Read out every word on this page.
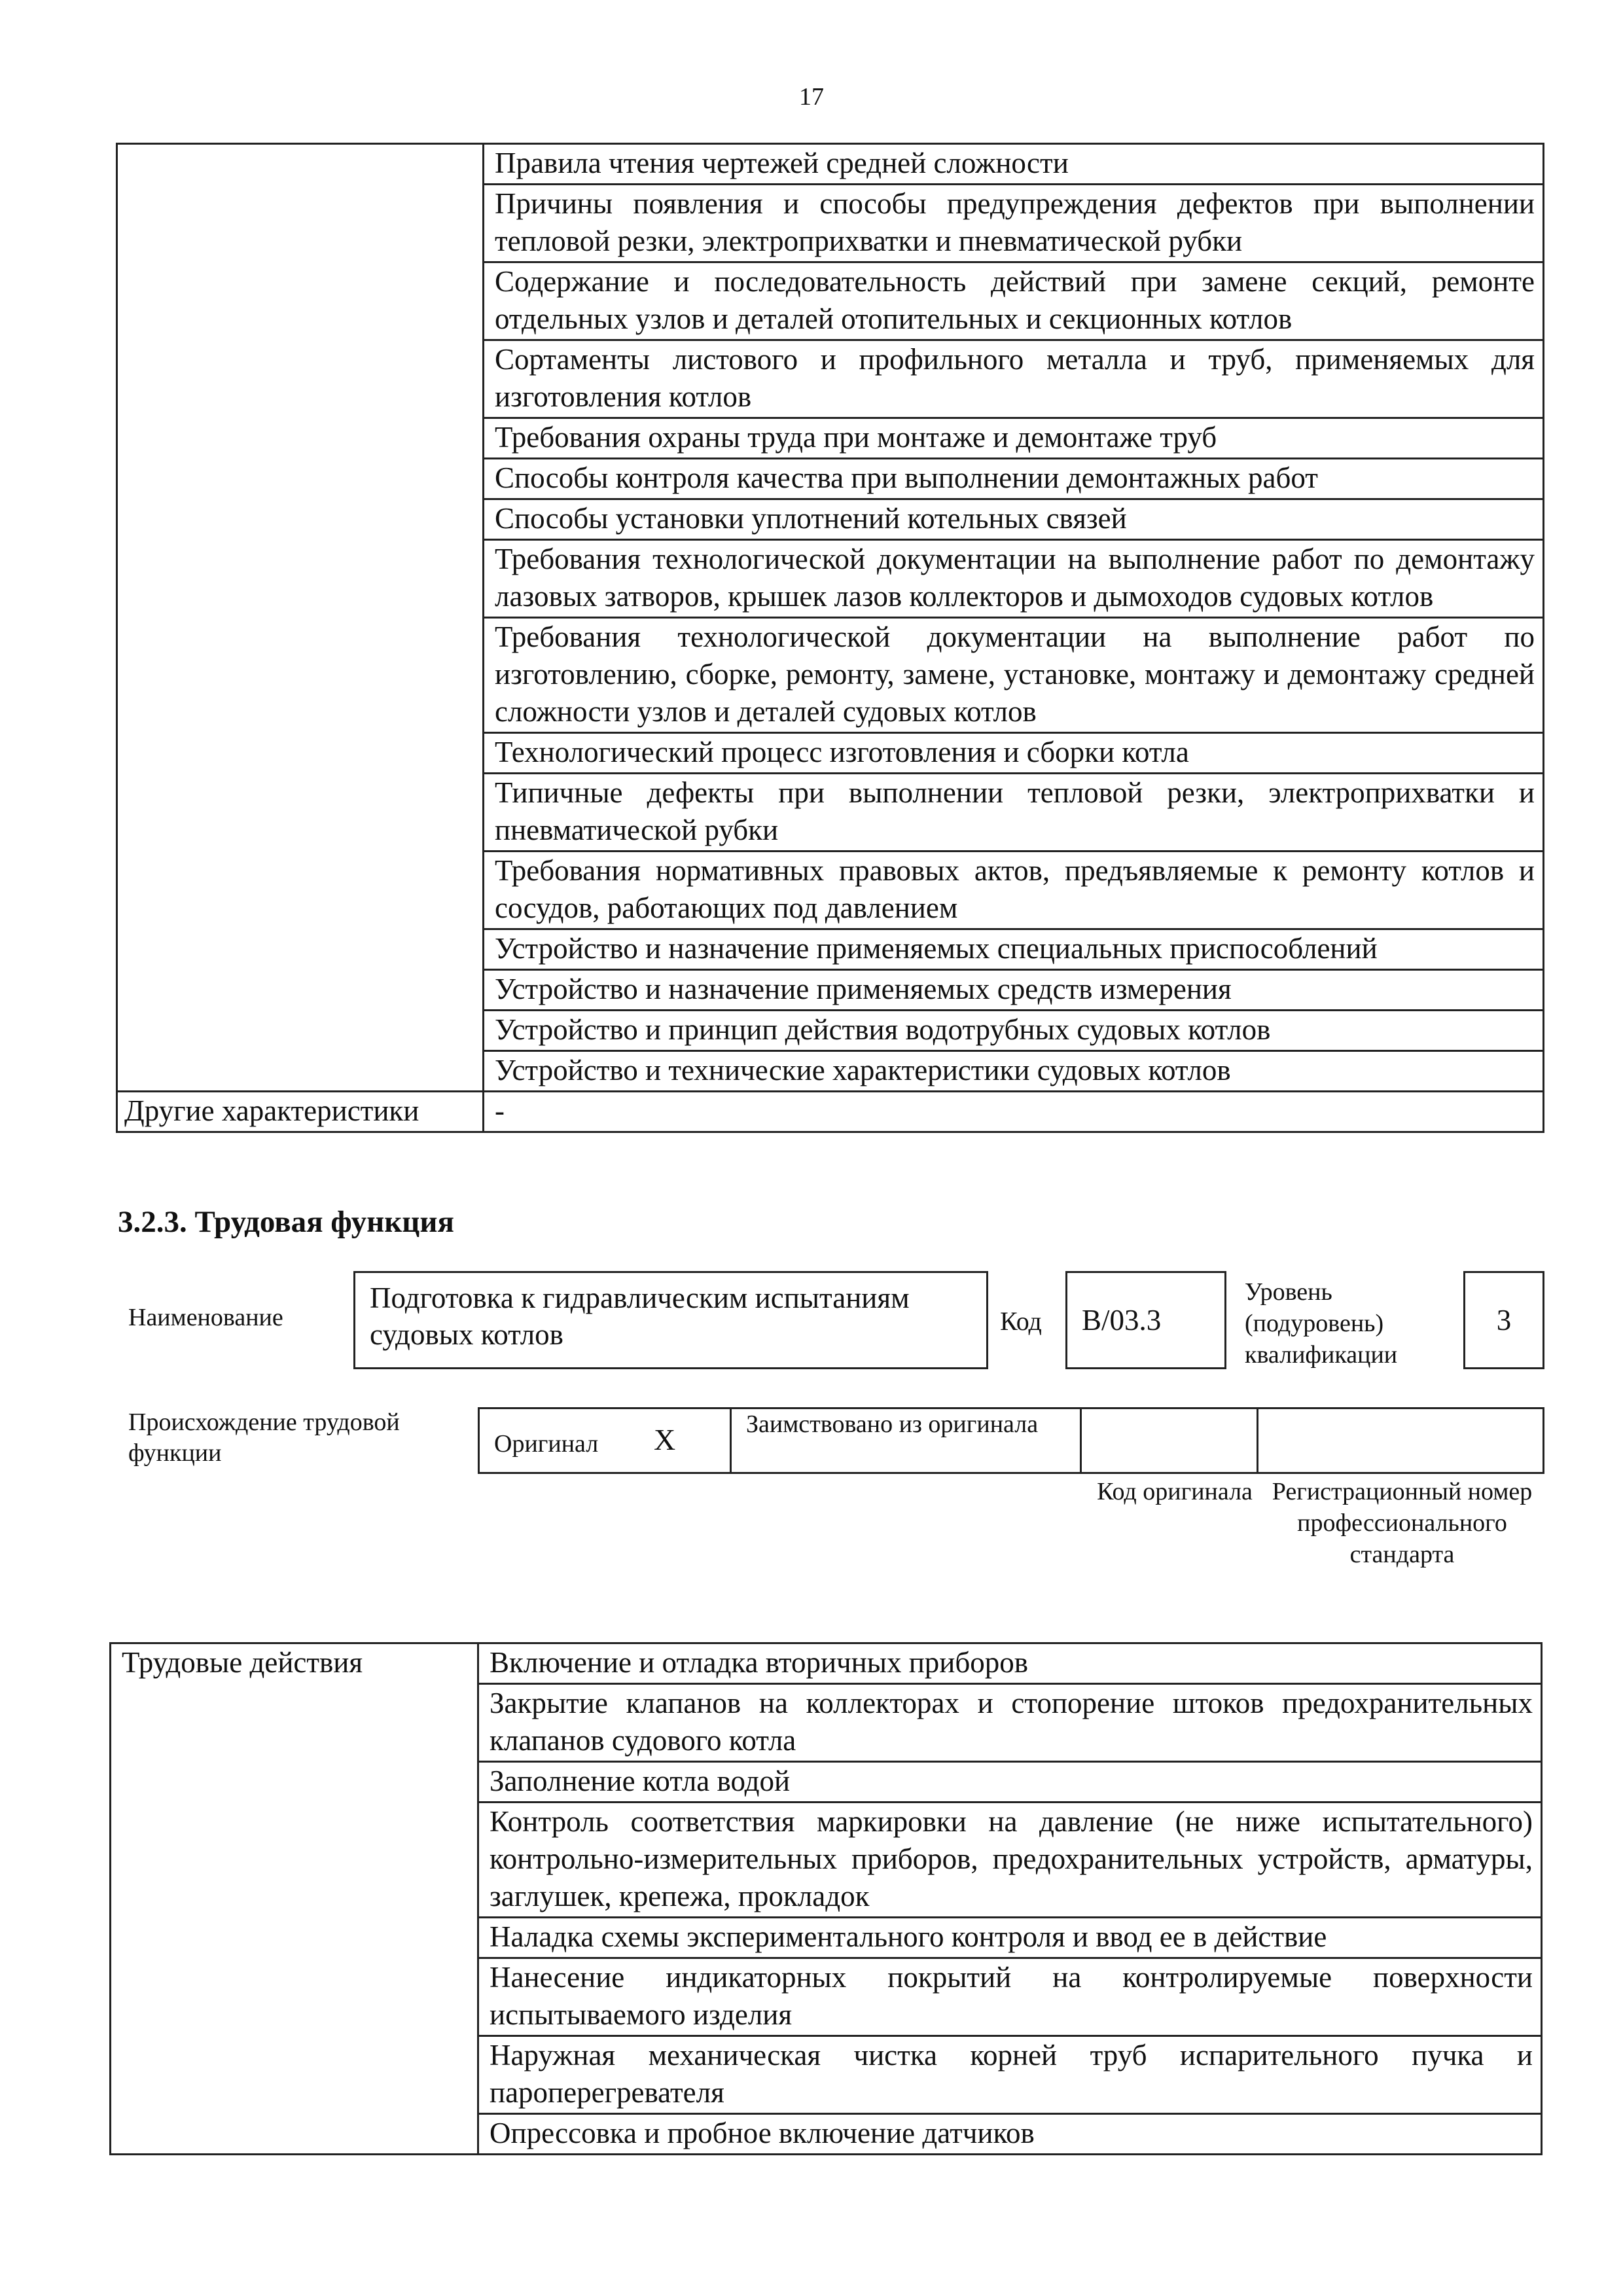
17
	Правила чтения чертежей средней сложности
	Причины появления и способы предупреждения дефектов при выполнении тепловой резки, электроприхватки и пневматической рубки
	Содержание и последовательность действий при замене секций, ремонте отдельных узлов и деталей отопительных и секционных котлов
	Сортаменты листового и профильного металла и труб, применяемых для изготовления котлов
	Требования охраны труда при монтаже и демонтаже труб
	Способы контроля качества при выполнении демонтажных работ
	Способы установки уплотнений котельных связей
	Требования технологической документации на выполнение работ по демонтажу лазовых затворов, крышек лазов коллекторов и дымоходов судовых котлов
	Требования технологической документации на выполнение работ по изготовлению, сборке, ремонту, замене, установке, монтажу и демонтажу средней сложности узлов и деталей судовых котлов
	Технологический процесс изготовления и сборки котла
	Типичные дефекты при выполнении тепловой резки, электроприхватки и пневматической рубки
	Требования нормативных правовых актов, предъявляемые к ремонту котлов и сосудов, работающих под давлением
	Устройство и назначение применяемых специальных приспособлений
	Устройство и назначение применяемых средств измерения
	Устройство и принцип действия водотрубных судовых котлов
	Устройство и технические характеристики судовых котлов
Другие характеристики	-
3.2.3. Трудовая функция
Наименование
Подготовка к гидравлическим испытаниям судовых котлов	Код	В/03.3
Уровень (подуровень) квалификации
3
Происхождение трудовой функции	Оригинал X	Заимствовано из оригинала
Код оригинала Регистрационный номер профессионального стандарта
Трудовые действия	Включение и отладка вторичных приборов
Закрытие клапанов на коллекторах и стопорение штоков предохранительных клапанов судового котла
Заполнение котла водой
Контроль соответствия маркировки на давление (не ниже испытательного) контрольно-измерительных приборов, предохранительных устройств, арматуры, заглушек, крепежа, прокладок
Наладка схемы экспериментального контроля и ввод ее в действие
Нанесение индикаторных покрытий на контролируемые поверхности испытываемого изделия
Наружная механическая чистка корней труб испарительного пучка и пароперегревателя
Опрессовка и пробное включение датчиков
